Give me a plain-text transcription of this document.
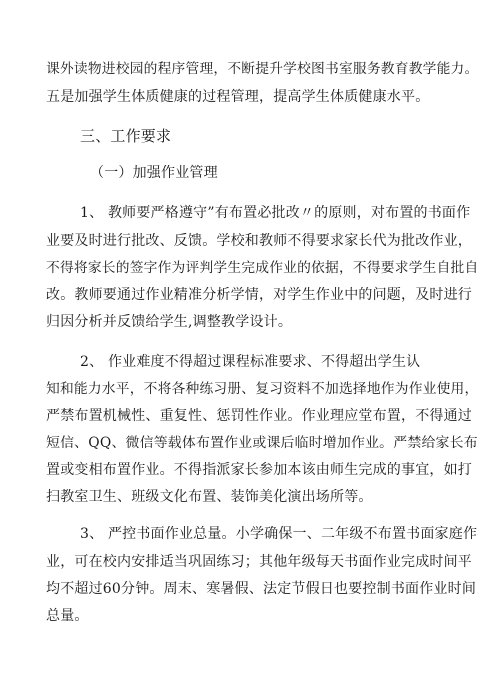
课外读物进校园的程序管理，不断提升学校图书室服务教育教学能力。
五是加强学生体质健康的过程管理，提高学生体质健康水平。
三、工作要求
（一）加强作业管理
1、 教师要严格遵守”有布置必批改〃的原则，对布置的书面作
业要及时进行批改、反馈。学校和教师不得要求家长代为批改作业，
不得将家长的签字作为评判学生完成作业的依据，不得要求学生自批自
改。教师要通过作业精准分析学情，对学生作业中的问题，及时进行
归因分析并反馈给学生,调整教学设计。
2、 作业难度不得超过课程标准要求、不得超出学生认
知和能力水平，不将各种练习册、复习资料不加选择地作为作业使用，
严禁布置机械性、重复性、惩罚性作业。作业理应堂布置，不得通过
短信、QQ、微信等载体布置作业或课后临时增加作业。严禁给家长布
置或变相布置作业。不得指派家长参加本该由师生完成的事宜，如打
扫教室卫生、班级文化布置、装饰美化演出场所等。
3、 严控书面作业总量。小学确保一、二年级不布置书面家庭作
业，可在校内安排适当巩固练习；其他年级每天书面作业完成时间平
均不超过60分钟。周末、寒暑假、法定节假日也要控制书面作业时间
总量。
